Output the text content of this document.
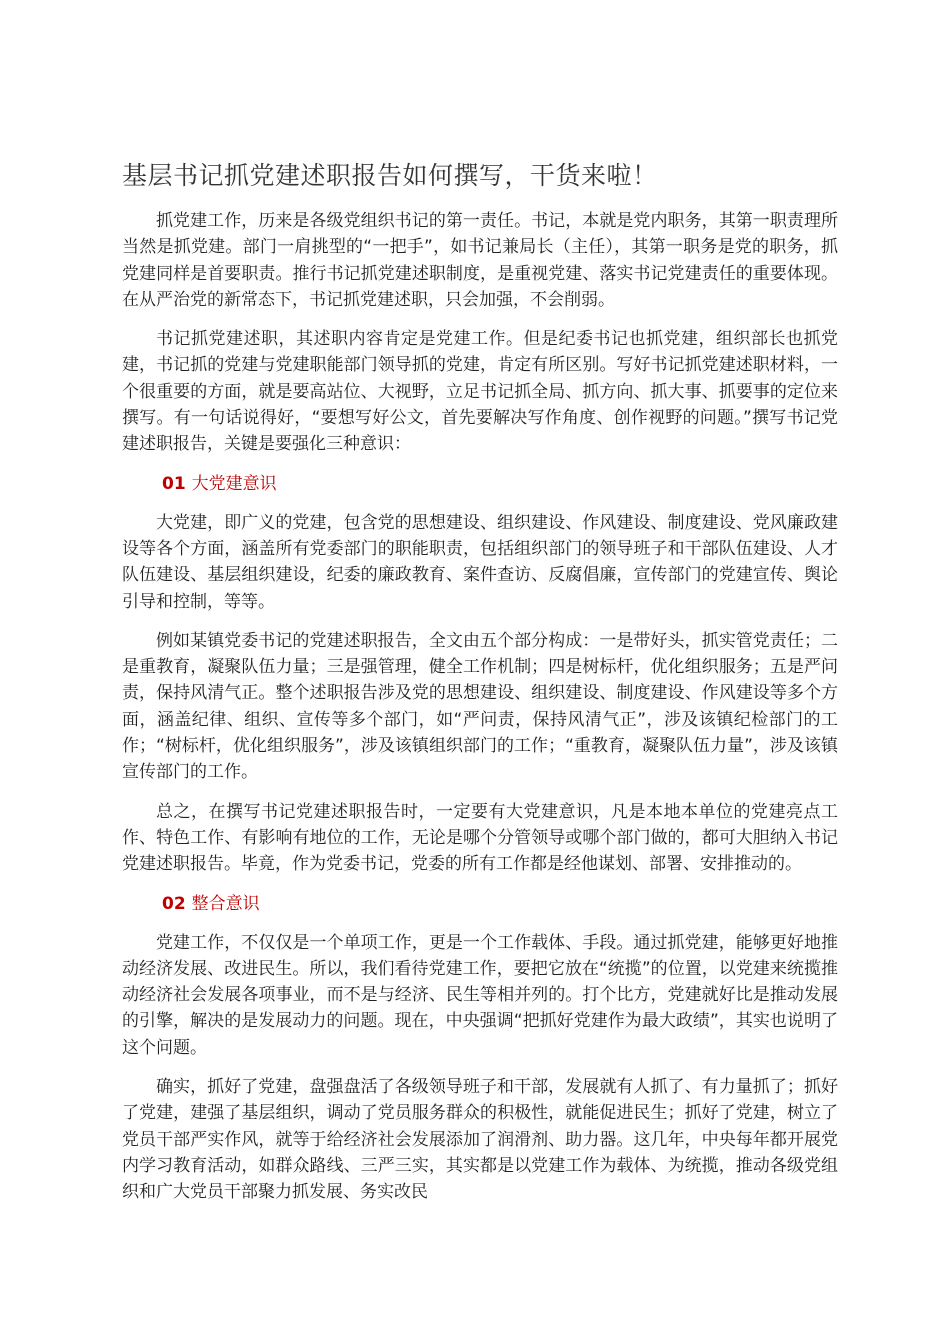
基层书记抓党建述职报告如何撰写，干货来啦！

抓党建工作，历来是各级党组织书记的第一责任。书记，本就是党内职务，其第一职责理所当然是抓党建。部门一肩挑型的“一把手”，如书记兼局长（主任），其第一职务是党的职务，抓党建同样是首要职责。推行书记抓党建述职制度，是重视党建、落实书记党建责任的重要体现。在从严治党的新常态下，书记抓党建述职，只会加强，不会削弱。

书记抓党建述职，其述职内容肯定是党建工作。但是纪委书记也抓党建，组织部长也抓党建，书记抓的党建与党建职能部门领导抓的党建，肯定有所区别。写好书记抓党建述职材料，一个很重要的方面，就是要高站位、大视野，立足书记抓全局、抓方向、抓大事、抓要事的定位来撰写。有一句话说得好，“要想写好公文，首先要解决写作角度、创作视野的问题。”撰写书记党建述职报告，关键是要强化三种意识：

01 大党建意识

大党建，即广义的党建，包含党的思想建设、组织建设、作风建设、制度建设、党风廉政建设等各个方面，涵盖所有党委部门的职能职责，包括组织部门的领导班子和干部队伍建设、人才队伍建设、基层组织建设，纪委的廉政教育、案件查访、反腐倡廉，宣传部门的党建宣传、舆论引导和控制，等等。

例如某镇党委书记的党建述职报告，全文由五个部分构成：一是带好头，抓实管党责任；二是重教育，凝聚队伍力量；三是强管理，健全工作机制；四是树标杆，优化组织服务；五是严问责，保持风清气正。整个述职报告涉及党的思想建设、组织建设、制度建设、作风建设等多个方面，涵盖纪律、组织、宣传等多个部门，如“严问责，保持风清气正”，涉及该镇纪检部门的工作；“树标杆，优化组织服务”，涉及该镇组织部门的工作；“重教育，凝聚队伍力量”，涉及该镇宣传部门的工作。

总之，在撰写书记党建述职报告时，一定要有大党建意识，凡是本地本单位的党建亮点工作、特色工作、有影响有地位的工作，无论是哪个分管领导或哪个部门做的，都可大胆纳入书记党建述职报告。毕竟，作为党委书记，党委的所有工作都是经他谋划、部署、安排推动的。

02 整合意识

党建工作，不仅仅是一个单项工作，更是一个工作载体、手段。通过抓党建，能够更好地推动经济发展、改进民生。所以，我们看待党建工作，要把它放在“统揽”的位置，以党建来统揽推动经济社会发展各项事业，而不是与经济、民生等相并列的。打个比方，党建就好比是推动发展的引擎，解决的是发展动力的问题。现在，中央强调“把抓好党建作为最大政绩”，其实也说明了这个问题。

确实，抓好了党建，盘强盘活了各级领导班子和干部，发展就有人抓了、有力量抓了；抓好了党建，建强了基层组织，调动了党员服务群众的积极性，就能促进民生；抓好了党建，树立了党员干部严实作风，就等于给经济社会发展添加了润滑剂、助力器。这几年，中央每年都开展党内学习教育活动，如群众路线、三严三实，其实都是以党建工作为载体、为统揽，推动各级党组织和广大党员干部聚力抓发展、务实改民
